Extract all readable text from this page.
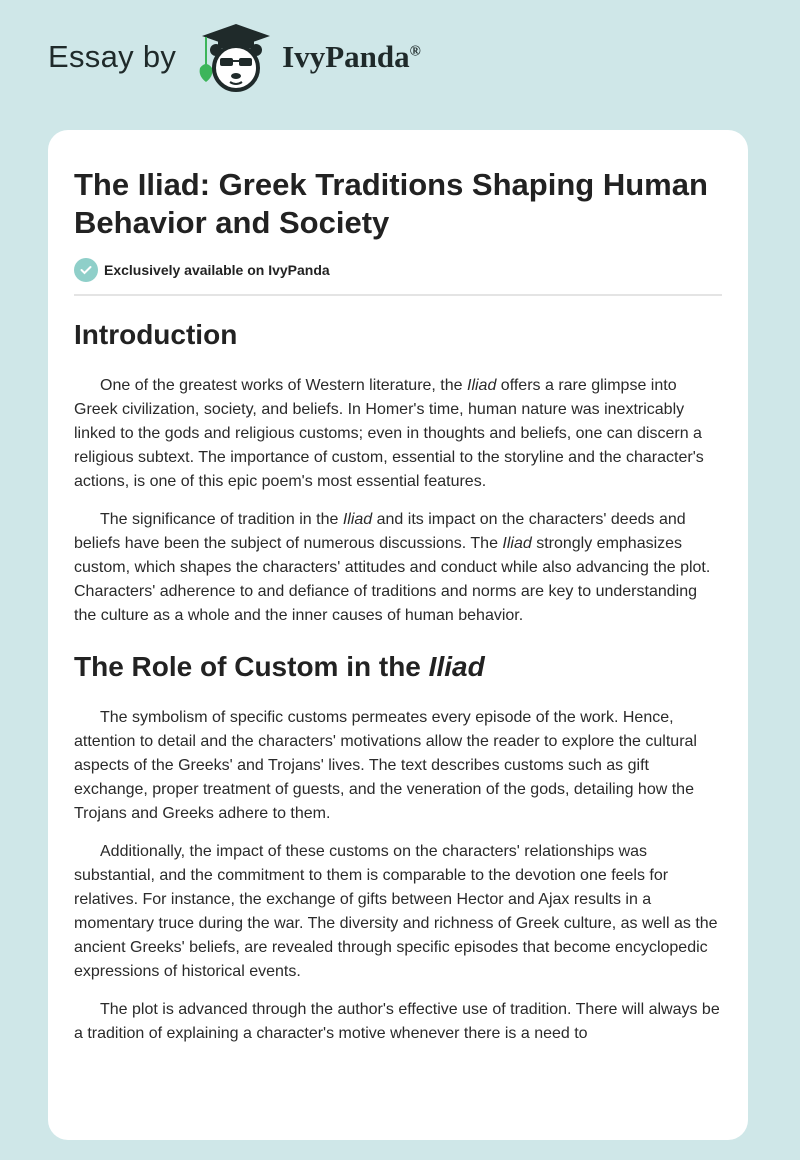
Essay by	IvyPanda®
The Iliad: Greek Traditions Shaping Human Behavior and Society
Exclusively available on IvyPanda
Introduction

One of the greatest works of Western literature, the Iliad offers a rare glimpse into Greek civilization, society, and beliefs. In Homer's time, human nature was inextricably linked to the gods and religious customs; even in thoughts and beliefs, one can discern a religious subtext. The importance of custom, essential to the storyline and the character's actions, is one of this epic poem's most essential features.

The significance of tradition in the Iliad and its impact on the characters' deeds and beliefs have been the subject of numerous discussions. The Iliad strongly emphasizes custom, which shapes the characters' attitudes and conduct while also advancing the plot. Characters' adherence to and defiance of traditions and norms are key to understanding the culture as a whole and the inner causes of human behavior.

The Role of Custom in the Iliad

The symbolism of specific customs permeates every episode of the work. Hence, attention to detail and the characters' motivations allow the reader to explore the cultural aspects of the Greeks' and Trojans' lives. The text describes customs such as gift exchange, proper treatment of guests, and the veneration of the gods, detailing how the Trojans and Greeks adhere to them.

Additionally, the impact of these customs on the characters' relationships was substantial, and the commitment to them is comparable to the devotion one feels for relatives. For instance, the exchange of gifts between Hector and Ajax results in a momentary truce during the war. The diversity and richness of Greek culture, as well as the ancient Greeks' beliefs, are revealed through specific episodes that become encyclopedic expressions of historical events.

The plot is advanced through the author's effective use of tradition. There will always be a tradition of explaining a character's motive whenever there is a need to
